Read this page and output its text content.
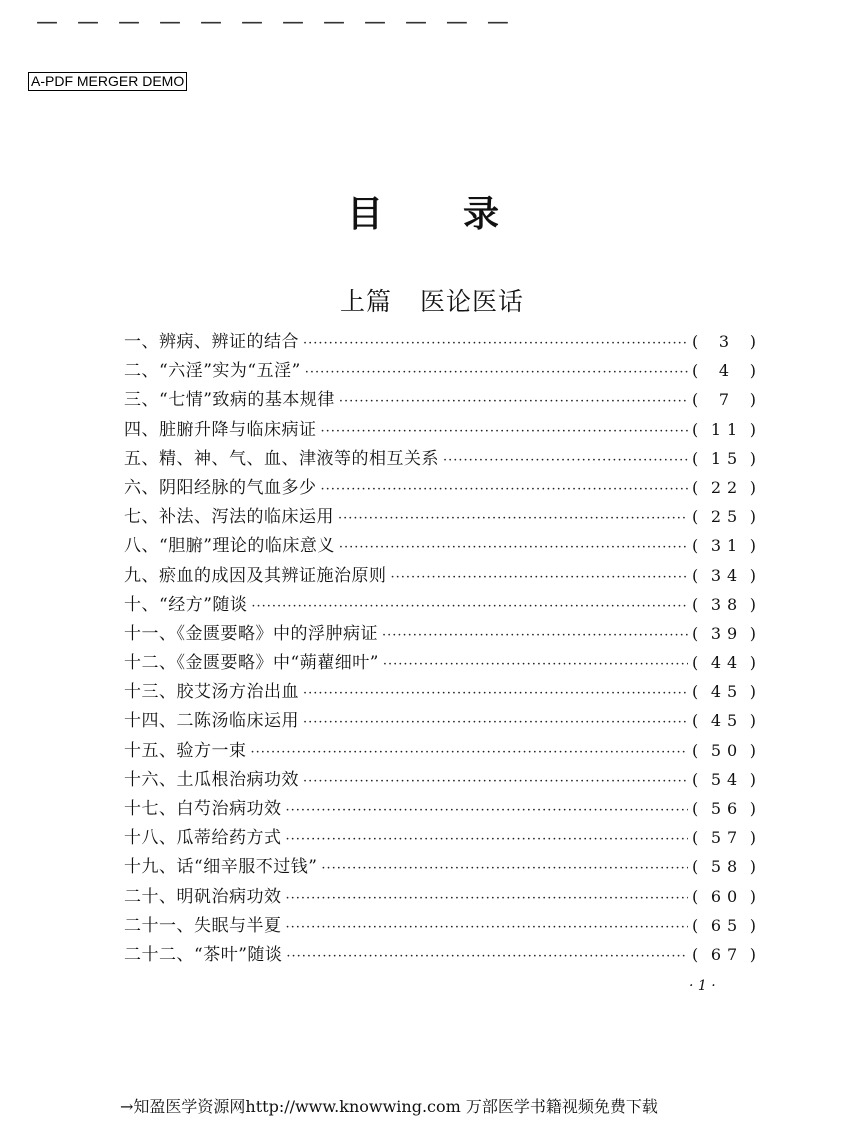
— — — — — — — — — — — —
A-PDF MERGER DEMO
目录
上篇 医论医话
一、辨病、辨证的结合 ·····	(	3 )
二、“六淫”实为“五淫” ·····	(	4 )
三、“七情”致病的基本规律 ·····	(	7 )
四、脏腑升降与临床病证 ·····	( 11 )
五、精、神、气、血、津液等的相互关系 ·····	( 15 )
六、阴阳经脉的气血多少 ·····	( 22 )
七、补法、泻法的临床运用 ·····	( 25 )
八、“胆腑”理论的临床意义 ·····	( 31 )
九、瘀血的成因及其辨证施治原则 ·····	( 34 )
十、“经方”随谈 ·····	( 38 )
十一、《金匮要略》中的浮肿病证 ·····	( 39 )
十二、《金匮要略》中“蒴藋细叶” ·····	( 44 )
十三、胶艾汤方治出血 ·····	( 45 )
十四、二陈汤临床运用 ·····	( 45 )
十五、验方一束 ·····	( 50 )
十六、土瓜根治病功效 ·····	( 54 )
十七、白芍治病功效 ·····	( 56 )
十八、瓜蒂给药方式 ·····	( 57 )
十九、话“细辛服不过钱” ·····	( 58 )
二十、明矾治病功效 ·····	( 60 )
二十一、失眠与半夏 ·····	( 65 )
二十二、“茶叶”随谈 ·····	( 67 )
· 1 ·
→知盈医学资源网http://www.knowwing.com 万部医学书籍视频免费下载
